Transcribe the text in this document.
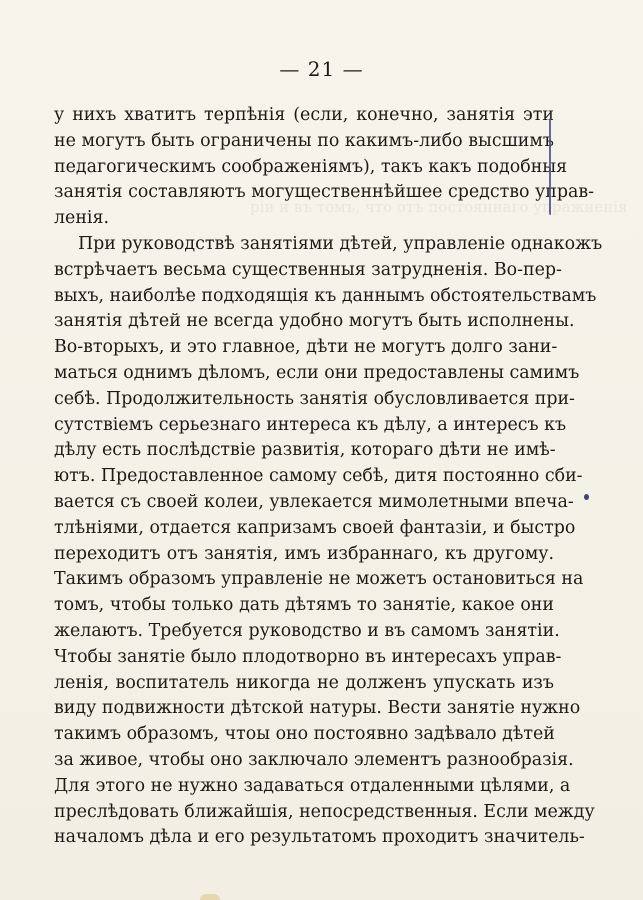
ріи и въ томъ, что отъ постояннаго упражненія
— 21 —
у нихъ хватитъ терпѣнія (если, конечно, занятія эти
не могутъ быть ограничены по какимъ-либо высшимъ
педагогическимъ соображеніямъ), такъ какъ подобныя
занятія составляютъ могущественнѣйшее средство управ-
ленія.
При руководствѣ занятіями дѣтей, управленіе однакожъ
встрѣчаетъ весьма существенныя затрудненія. Во-пер-
выхъ, наиболѣе подходящія къ даннымъ обстоятельствамъ
занятія дѣтей не всегда удобно могутъ быть исполнены.
Во-вторыхъ, и это главное, дѣти не могутъ долго зани-
маться однимъ дѣломъ, если они предоставлены самимъ
себѣ. Продолжительность занятія обусловливается при-
сутствіемъ серьезнаго интереса къ дѣлу, а интересъ къ
дѣлу есть послѣдствіе развитія, котораго дѣти не имѣ-
ютъ. Предоставленное самому себѣ, дитя постоянно сби-
вается съ своей колеи, увлекается мимолетными впеча-
тлѣніями, отдается капризамъ своей фантазіи, и быстро
переходитъ отъ занятія, имъ избраннаго, къ другому.
Такимъ образомъ управленіе не можетъ остановиться на
томъ, чтобы только дать дѣтямъ то занятіе, какое они
желаютъ. Требуется руководство и въ самомъ занятіи.
Чтобы занятіе было плодотворно въ интересахъ управ-
ленія, воспитатель никогда не долженъ упускать изъ
виду подвижности дѣтской натуры. Вести занятіе нужно
такимъ образомъ, чтоы оно постоявно задѣвало дѣтей
за живое, чтобы оно заключало элементъ разнообразія.
Для этого не нужно задаваться отдаленными цѣлями, а
преслѣдовать ближайшія, непосредственныя. Если между
началомъ дѣла и его результатомъ проходитъ значитель-
